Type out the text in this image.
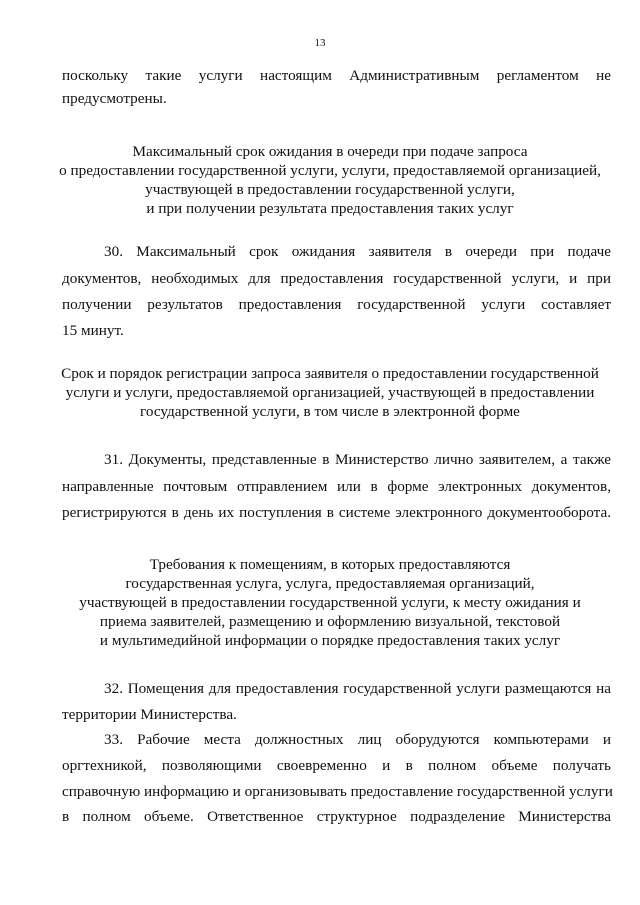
13
поскольку такие услуги настоящим Административным регламентом не
предусмотрены.
Максимальный срок ожидания в очереди при подаче запроса
о предоставлении государственной услуги, услуги, предоставляемой организацией,
участвующей в предоставлении государственной услуги,
и при получении результата предоставления таких услуг
30. Максимальный срок ожидания заявителя в очереди при подаче
документов, необходимых для предоставления государственной услуги, и при
получении результатов предоставления государственной услуги составляет
15 минут.
Срок и порядок регистрации запроса заявителя о предоставлении государственной
услуги и услуги, предоставляемой организацией, участвующей в предоставлении
государственной услуги, в том числе в электронной форме
31. Документы, представленные в Министерство лично заявителем, а также
направленные почтовым отправлением или в форме электронных документов,
регистрируются в день их поступления в системе электронного документооборота.
Требования к помещениям, в которых предоставляются
государственная услуга, услуга, предоставляемая организаций,
участвующей в предоставлении государственной услуги, к месту ожидания и
приема заявителей, размещению и оформлению визуальной, текстовой
и мультимедийной информации о порядке предоставления таких услуг
32. Помещения для предоставления государственной услуги размещаются на
территории Министерства.
33. Рабочие места должностных лиц оборудуются компьютерами и
оргтехникой, позволяющими своевременно и в полном объеме получать
справочную информацию и организовывать предоставление государственной услуги
в полном объеме. Ответственное структурное подразделение Министерства
